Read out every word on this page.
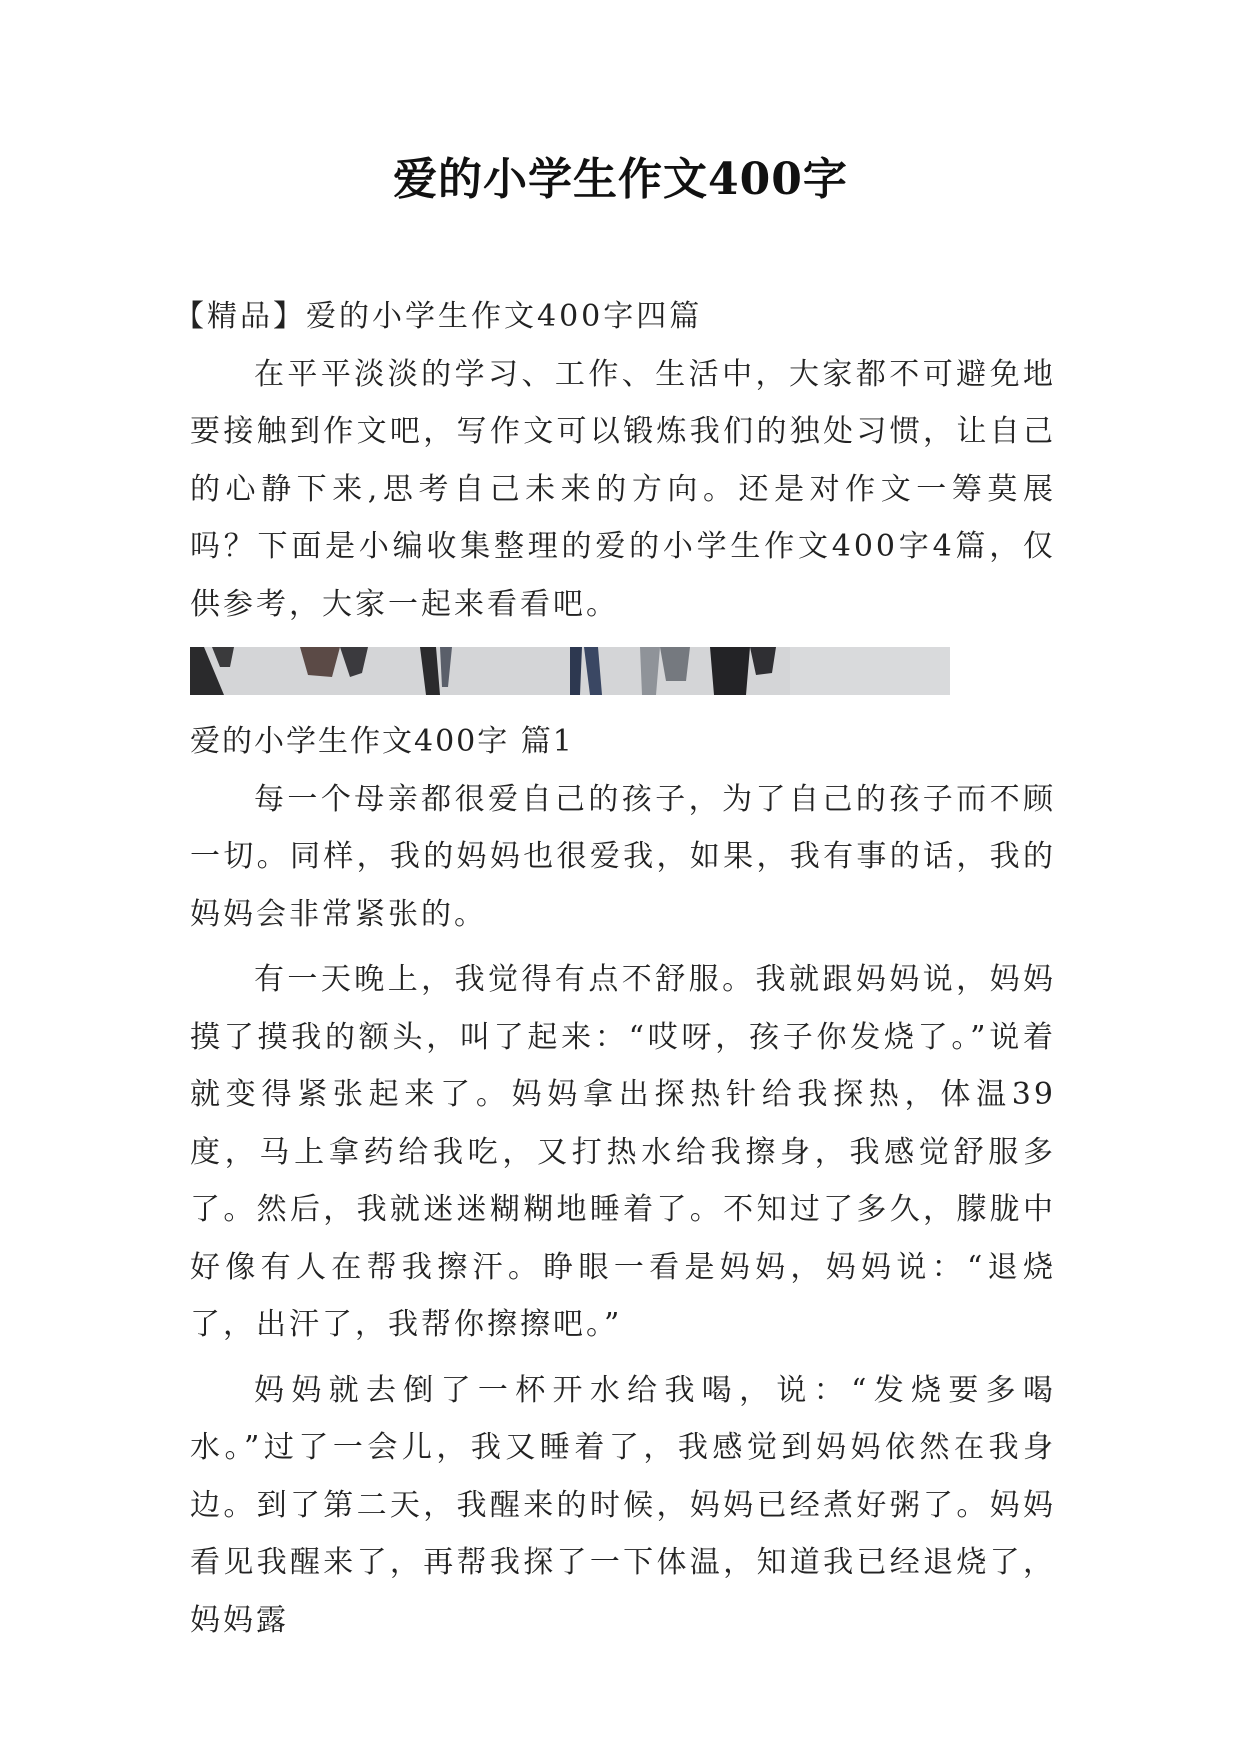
爱的小学生作文400字

【精品】爱的小学生作文400字四篇

在平平淡淡的学习、工作、生活中，大家都不可避免地要接触到作文吧，写作文可以锻炼我们的独处习惯，让自己的心静下来,思考自己未来的方向。还是对作文一筹莫展吗？下面是小编收集整理的爱的小学生作文400字4篇，仅供参考，大家一起来看看吧。

爱的小学生作文400字 篇1

每一个母亲都很爱自己的孩子，为了自己的孩子而不顾一切。同样，我的妈妈也很爱我，如果，我有事的话，我的妈妈会非常紧张的。

有一天晚上，我觉得有点不舒服。我就跟妈妈说，妈妈摸了摸我的额头，叫了起来：“哎呀，孩子你发烧了。”说着就变得紧张起来了。妈妈拿出探热针给我探热，体温39度，马上拿药给我吃，又打热水给我擦身，我感觉舒服多了。然后，我就迷迷糊糊地睡着了。不知过了多久，朦胧中好像有人在帮我擦汗。睁眼一看是妈妈，妈妈说：“退烧了，出汗了，我帮你擦擦吧。”

妈妈就去倒了一杯开水给我喝，说：“发烧要多喝水。”过了一会儿，我又睡着了，我感觉到妈妈依然在我身边。到了第二天，我醒来的时候，妈妈已经煮好粥了。妈妈看见我醒来了，再帮我探了一下体温，知道我已经退烧了，妈妈露
